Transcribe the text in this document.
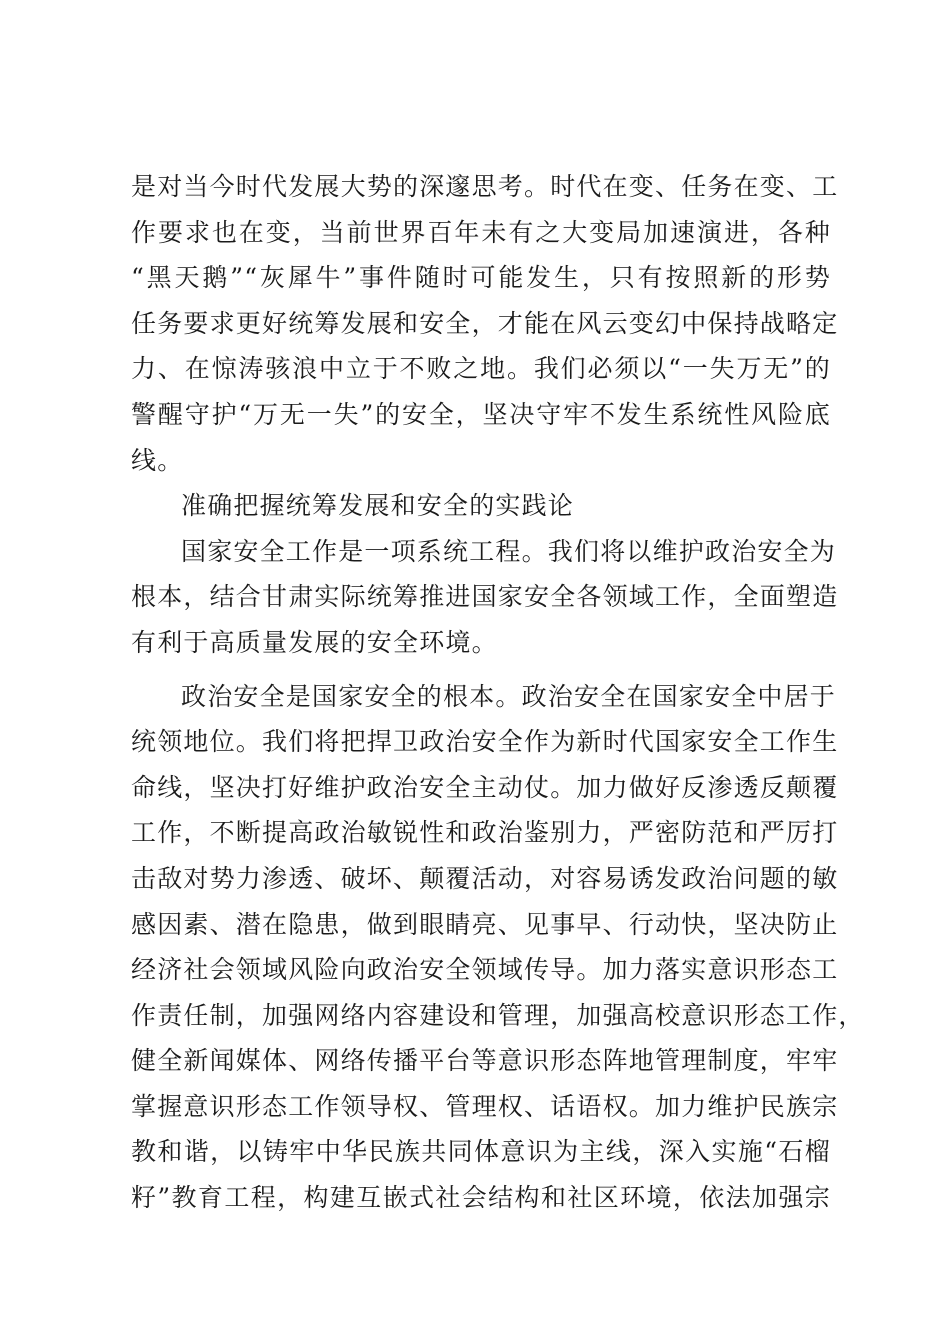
是对当今时代发展大势的深邃思考。时代在变、任务在变、工
作要求也在变，当前世界百年未有之大变局加速演进，各种
“黑天鹅”“灰犀牛”事件随时可能发生，只有按照新的形势
任务要求更好统筹发展和安全，才能在风云变幻中保持战略定
力、在惊涛骇浪中立于不败之地。我们必须以“一失万无”的
警醒守护“万无一失”的安全，坚决守牢不发生系统性风险底
线。
准确把握统筹发展和安全的实践论
国家安全工作是一项系统工程。我们将以维护政治安全为
根本，结合甘肃实际统筹推进国家安全各领域工作，全面塑造
有利于高质量发展的安全环境。
政治安全是国家安全的根本。政治安全在国家安全中居于
统领地位。我们将把捍卫政治安全作为新时代国家安全工作生
命线，坚决打好维护政治安全主动仗。加力做好反渗透反颠覆
工作，不断提高政治敏锐性和政治鉴别力，严密防范和严厉打
击敌对势力渗透、破坏、颠覆活动，对容易诱发政治问题的敏
感因素、潜在隐患，做到眼睛亮、见事早、行动快，坚决防止
经济社会领域风险向政治安全领域传导。加力落实意识形态工
作责任制，加强网络内容建设和管理，加强高校意识形态工作，
健全新闻媒体、网络传播平台等意识形态阵地管理制度，牢牢
掌握意识形态工作领导权、管理权、话语权。加力维护民族宗
教和谐，以铸牢中华民族共同体意识为主线，深入实施“石榴
籽”教育工程，构建互嵌式社会结构和社区环境，依法加强宗
